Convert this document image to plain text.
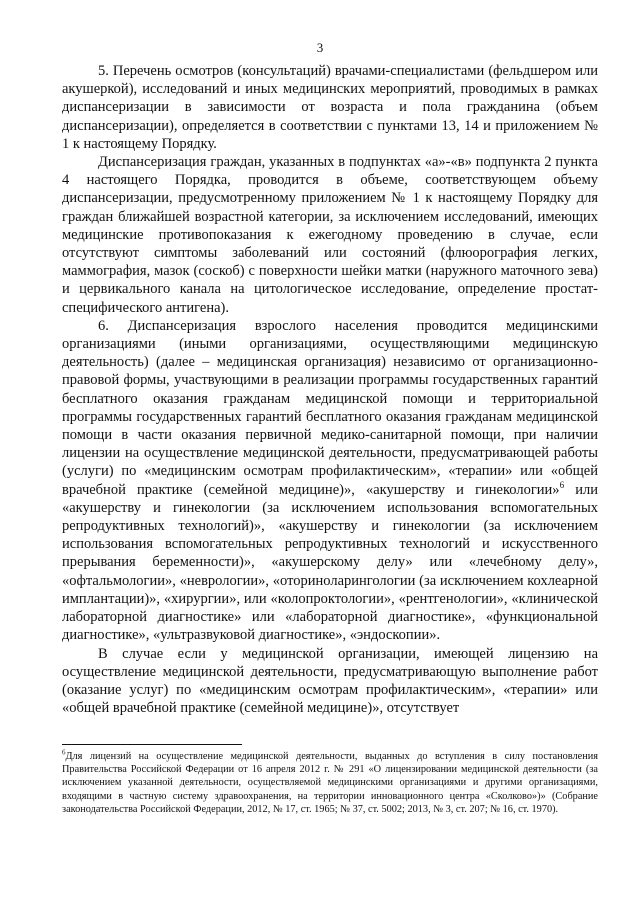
3

5. Перечень осмотров (консультаций) врачами-специалистами (фельдшером или акушеркой), исследований и иных медицинских мероприятий, проводимых в рамках диспансеризации в зависимости от возраста и пола гражданина (объем диспансеризации), определяется в соответствии с пунктами 13, 14 и приложением № 1 к настоящему Порядку.

Диспансеризация граждан, указанных в подпунктах «а»-«в» подпункта 2 пункта 4 настоящего Порядка, проводится в объеме, соответствующем объему диспансеризации, предусмотренному приложением № 1 к настоящему Порядку для граждан ближайшей возрастной категории, за исключением исследований, имеющих медицинские противопоказания к ежегодному проведению в случае, если отсутствуют симптомы заболеваний или состояний (флюорография легких, маммография, мазок (соскоб) с поверхности шейки матки (наружного маточного зева) и цервикального канала на цитологическое исследование, определение простат-специфического антигена).

6. Диспансеризация взрослого населения проводится медицинскими организациями (иными организациями, осуществляющими медицинскую деятельность) (далее – медицинская организация) независимо от организационно-правовой формы, участвующими в реализации программы государственных гарантий бесплатного оказания гражданам медицинской помощи и территориальной программы государственных гарантий бесплатного оказания гражданам медицинской помощи в части оказания первичной медико-санитарной помощи, при наличии лицензии на осуществление медицинской деятельности, предусматривающей работы (услуги) по «медицинским осмотрам профилактическим», «терапии» или «общей врачебной практике (семейной медицине)», «акушерству и гинекологии»$^6$ или «акушерству и гинекологии (за исключением использования вспомогательных репродуктивных технологий)», «акушерству и гинекологии (за исключением использования вспомогательных репродуктивных технологий и искусственного прерывания беременности)», «акушерскому делу» или «лечебному делу», «офтальмологии», «неврологии», «оториноларингологии (за исключением кохлеарной имплантации)», «хирургии», или «колопроктологии», «рентгенологии», «клинической лабораторной диагностике» или «лабораторной диагностике», «функциональной диагностике», «ультразвуковой диагностике», «эндоскопии».

В случае если у медицинской организации, имеющей лицензию на осуществление медицинской деятельности, предусматривающую выполнение работ (оказание услуг) по «медицинским осмотрам профилактическим», «терапии» или «общей врачебной практике (семейной медицине)», отсутствует

$^6$Для лицензий на осуществление медицинской деятельности, выданных до вступления в силу постановления Правительства Российской Федерации от 16 апреля 2012 г. № 291 «О лицензировании медицинской деятельности (за исключением указанной деятельности, осуществляемой медицинскими организациями и другими организациями, входящими в частную систему здравоохранения, на территории инновационного центра «Сколково»)» (Собрание законодательства Российской Федерации, 2012, № 17, ст. 1965; № 37, ст. 5002; 2013, № 3, ст. 207; № 16, ст. 1970).
